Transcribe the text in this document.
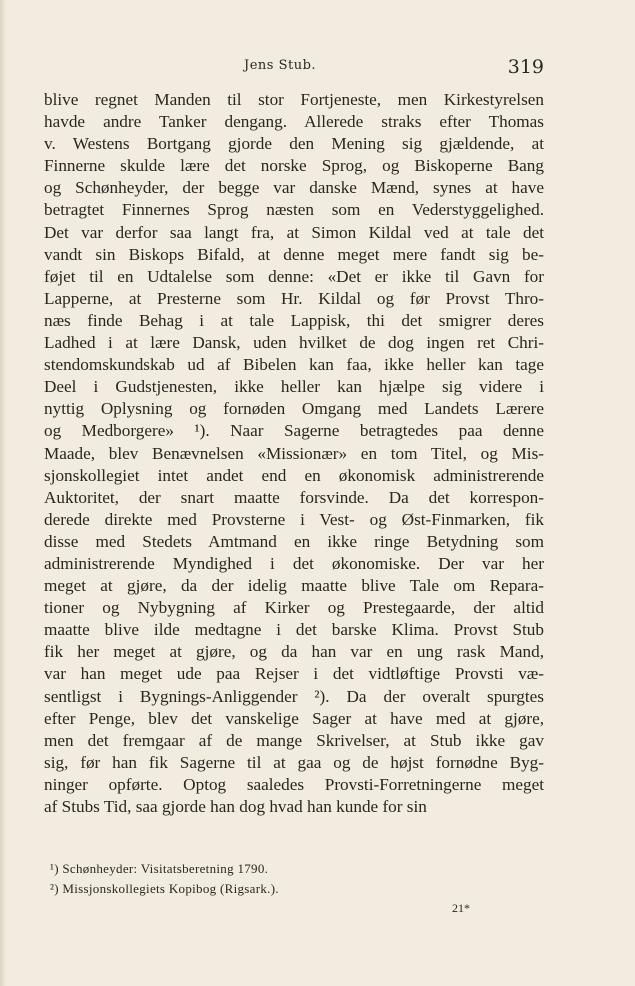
Jens Stub.	319
blive regnet Manden til stor Fortjeneste, men Kirkestyrelsen
havde andre Tanker dengang. Allerede straks efter Thomas
v. Westens Bortgang gjorde den Mening sig gjældende, at
Finnerne skulde lære det norske Sprog, og Biskoperne Bang
og Schønheyder, der begge var danske Mænd, synes at have
betragtet Finnernes Sprog næsten som en Vederstyggelighed.
Det var derfor saa langt fra, at Simon Kildal ved at tale det
vandt sin Biskops Bifald, at denne meget mere fandt sig be-
føjet til en Udtalelse som denne: «Det er ikke til Gavn for
Lapperne, at Presterne som Hr. Kildal og før Provst Thro-
næs finde Behag i at tale Lappisk, thi det smigrer deres
Ladhed i at lære Dansk, uden hvilket de dog ingen ret Chri-
stendomskundskab ud af Bibelen kan faa, ikke heller kan tage
Deel i Gudstjenesten, ikke heller kan hjælpe sig videre i
nyttig Oplysning og fornøden Omgang med Landets Lærere
og Medborgere» ¹). Naar Sagerne betragtedes paa denne
Maade, blev Benævnelsen «Missionær» en tom Titel, og Mis-
sjonskollegiet intet andet end en økonomisk administrerende
Auktoritet, der snart maatte forsvinde. Da det korrespon-
derede direkte med Provsterne i Vest- og Øst-Finmarken, fik
disse med Stedets Amtmand en ikke ringe Betydning som
administrerende Myndighed i det økonomiske. Der var her
meget at gjøre, da der idelig maatte blive Tale om Repara-
tioner og Nybygning af Kirker og Prestegaarde, der altid
maatte blive ilde medtagne i det barske Klima. Provst Stub
fik her meget at gjøre, og da han var en ung rask Mand,
var han meget ude paa Rejser i det vidtløftige Provsti væ-
sentligst i Bygnings-Anliggender ²). Da der overalt spurgtes
efter Penge, blev det vanskelige Sager at have med at gjøre,
men det fremgaar af de mange Skrivelser, at Stub ikke gav
sig, før han fik Sagerne til at gaa og de højst fornødne Byg-
ninger opførte. Optog saaledes Provsti-Forretningerne meget
af Stubs Tid, saa gjorde han dog hvad han kunde for sin
¹) Schønheyder: Visitatsberetning 1790.
²) Missjonskollegiets Kopibog (Rigsark.).
21*
